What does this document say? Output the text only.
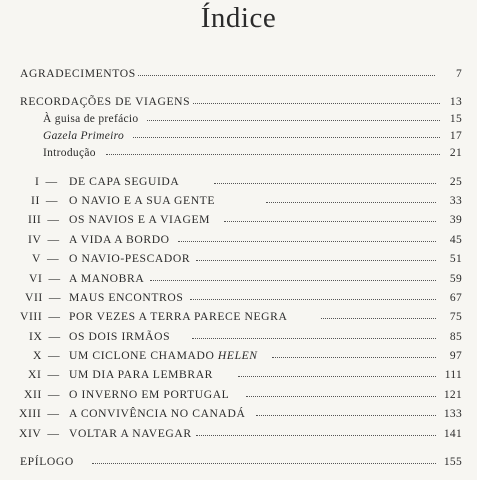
Índice
AGRADECIMENTOS	7
RECORDAÇÕES DE VIAGENS	13
À guisa de prefácio	15
Gazela Primeiro	17
Introdução	21
I — DE CAPA SEGUIDA	25
II — O NAVIO E A SUA GENTE	33
III — OS NAVIOS E A VIAGEM	39
IV — A VIDA A BORDO	45
V — O NAVIO-PESCADOR	51
VI — A MANOBRA	59
VII — MAUS ENCONTROS	67
VIII — POR VEZES A TERRA PARECE NEGRA	75
IX — OS DOIS IRMÃOS	85
X — UM CICLONE CHAMADO HELEN	97
XI — UM DIA PARA LEMBRAR	111
XII — O INVERNO EM PORTUGAL	121
XIII — A CONVIVÊNCIA NO CANADÁ	133
XIV — VOLTAR A NAVEGAR	141
EPÍLOGO	155
